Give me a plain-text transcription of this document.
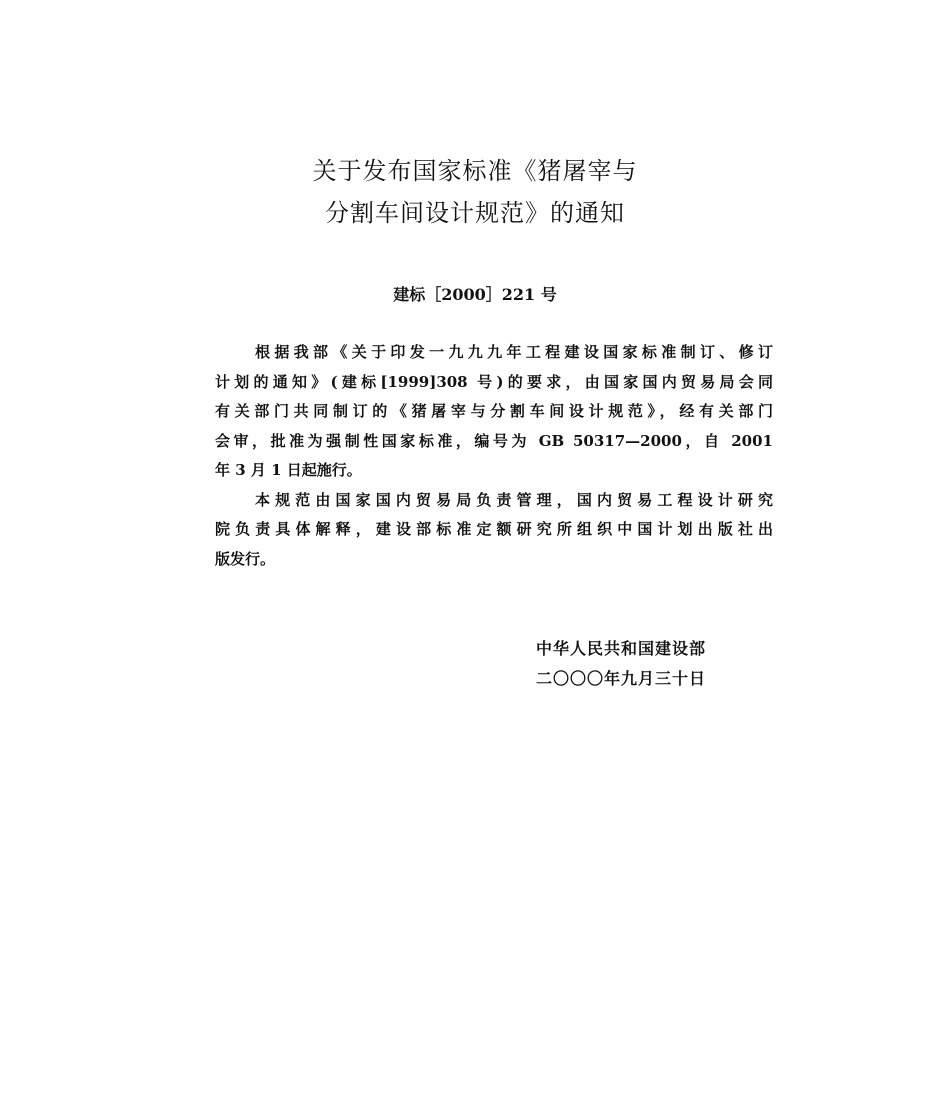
关于发布国家标准《猪屠宰与
分割车间设计规范》的通知
建标［2000］221 号
根据我部《关于印发一九九九年工程建设国家标准制订、修订
计划的通知》(建标[1999]308 号)的要求，由国家国内贸易局会同
有关部门共同制订的《猪屠宰与分割车间设计规范》，经有关部门
会审，批准为强制性国家标准，编号为 GB 50317—2000，自 2001
年 3 月 1 日起施行。
本规范由国家国内贸易局负责管理，国内贸易工程设计研究
院负责具体解释，建设部标准定额研究所组织中国计划出版社出
版发行。
中华人民共和国建设部
二〇〇〇年九月三十日
